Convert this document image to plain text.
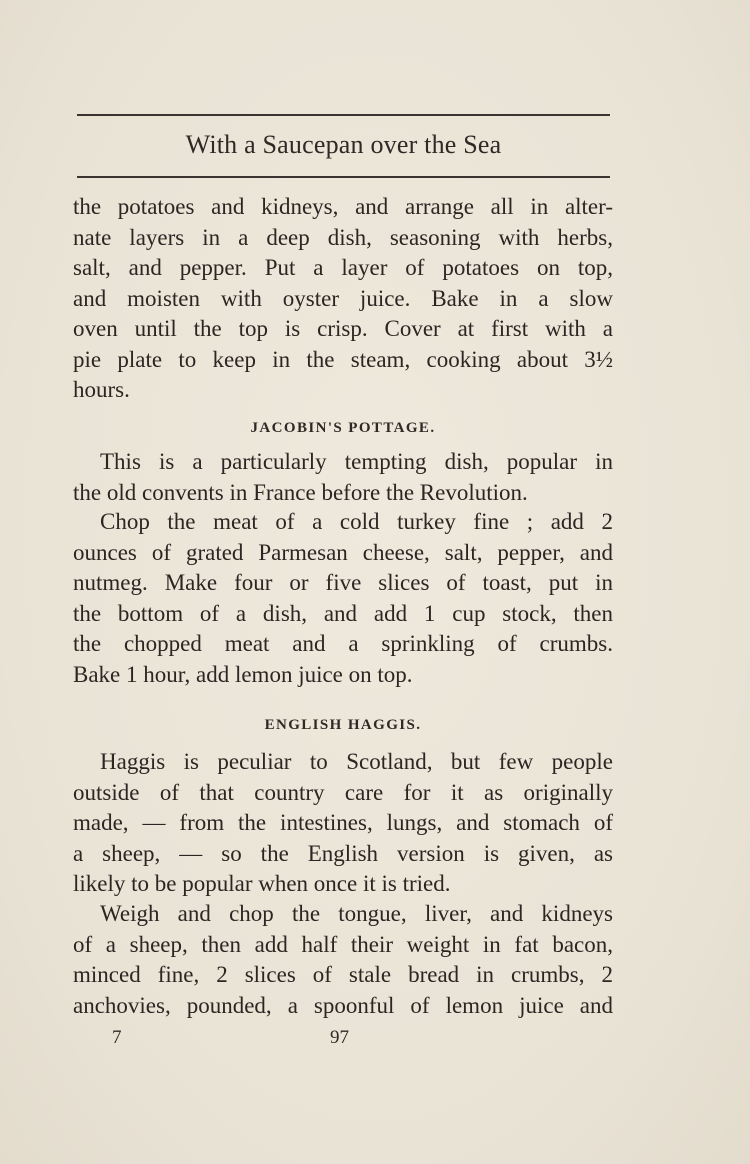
With a Saucepan over the Sea
the potatoes and kidneys, and arrange all in alter-
nate layers in a deep dish, seasoning with herbs,
salt, and pepper. Put a layer of potatoes on top,
and moisten with oyster juice. Bake in a slow
oven until the top is crisp. Cover at first with a
pie plate to keep in the steam, cooking about 3½
hours.
JACOBIN'S POTTAGE.
This is a particularly tempting dish, popular in
the old convents in France before the Revolution.
Chop the meat of a cold turkey fine ; add 2
ounces of grated Parmesan cheese, salt, pepper, and
nutmeg. Make four or five slices of toast, put in
the bottom of a dish, and add 1 cup stock, then
the chopped meat and a sprinkling of crumbs.
Bake 1 hour, add lemon juice on top.
ENGLISH HAGGIS.
Haggis is peculiar to Scotland, but few people
outside of that country care for it as originally
made, — from the intestines, lungs, and stomach of
a sheep, — so the English version is given, as
likely to be popular when once it is tried.
Weigh and chop the tongue, liver, and kidneys
of a sheep, then add half their weight in fat bacon,
minced fine, 2 slices of stale bread in crumbs, 2
anchovies, pounded, a spoonful of lemon juice and
7	97
